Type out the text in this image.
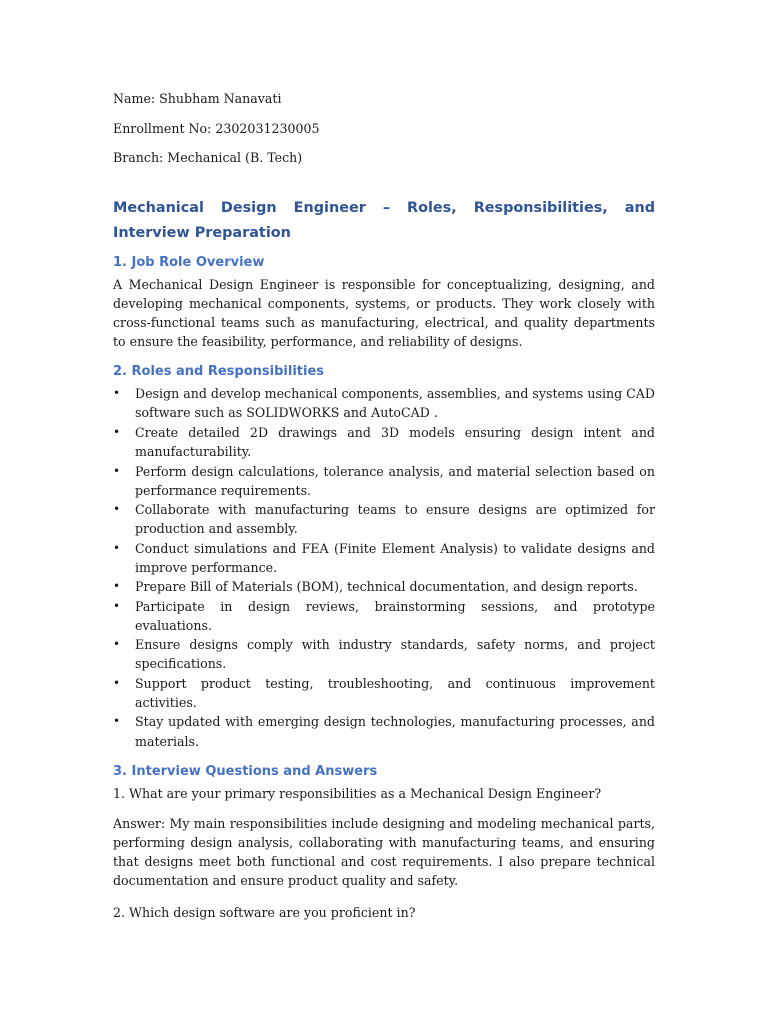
Name: Shubham Nanavati

Enrollment No: 2302031230005

Branch: Mechanical (B. Tech)

Mechanical Design Engineer – Roles, Responsibilities, and Interview Preparation
1. Job Role Overview

A Mechanical Design Engineer is responsible for conceptualizing, designing, and developing mechanical components, systems, or products. They work closely with cross-functional teams such as manufacturing, electrical, and quality departments to ensure the feasibility, performance, and reliability of designs.

2. Roles and Responsibilities
•	Design and develop mechanical components, assemblies, and systems using CAD software such as SOLIDWORKS and AutoCAD .
•	Create detailed 2D drawings and 3D models ensuring design intent and manufacturability.
•	Perform design calculations, tolerance analysis, and material selection based on performance requirements.
•	Collaborate with manufacturing teams to ensure designs are optimized for production and assembly.
•	Conduct simulations and FEA (Finite Element Analysis) to validate designs and improve performance.
•	Prepare Bill of Materials (BOM), technical documentation, and design reports.
•	Participate in design reviews, brainstorming sessions, and prototype evaluations.
•	Ensure designs comply with industry standards, safety norms, and project specifications.
•	Support product testing, troubleshooting, and continuous improvement activities.
•	Stay updated with emerging design technologies, manufacturing processes, and materials.
3. Interview Questions and Answers

1. What are your primary responsibilities as a Mechanical Design Engineer?

Answer: My main responsibilities include designing and modeling mechanical parts, performing design analysis, collaborating with manufacturing teams, and ensuring that designs meet both functional and cost requirements. I also prepare technical documentation and ensure product quality and safety.

2. Which design software are you proficient in?
